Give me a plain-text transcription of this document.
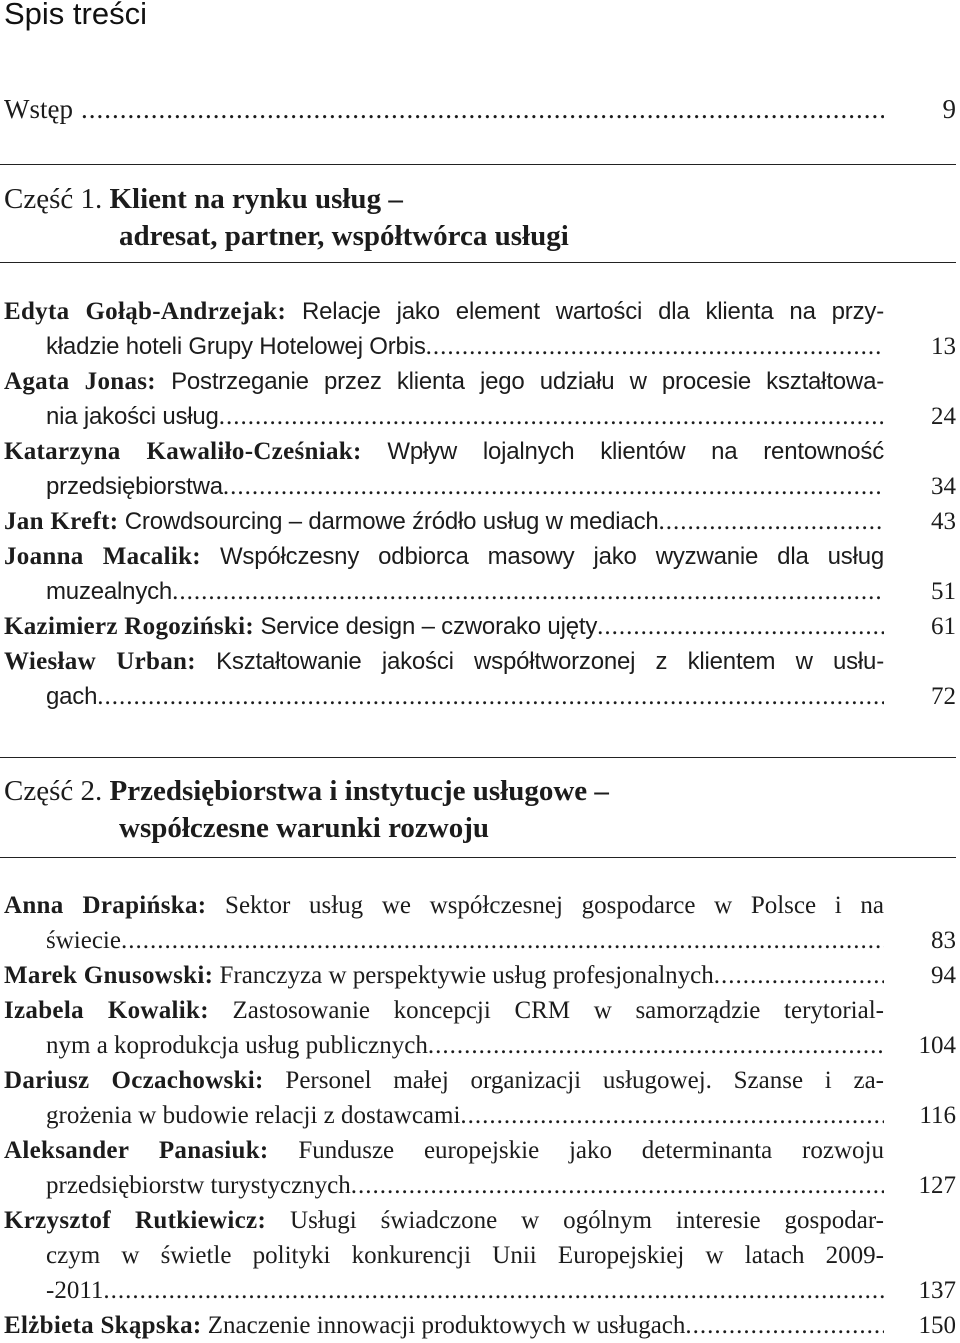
Spis treści
Wstęp .....	9
Część 1. Klient na rynku usług –
adresat, partner, współtwórca usługi
Edyta Gołąb-Andrzejak: Relacje jako element wartości dla klienta na przy-
kładzie hoteli Grupy Hotelowej Orbis .....	13
Agata Jonas: Postrzeganie przez klienta jego udziału w procesie kształtowa-
nia jakości usług .....	24
Katarzyna Kawaliło-Cześniak: Wpływ lojalnych klientów na rentowność
przedsiębiorstwa .....	34
Jan Kreft: Crowdsourcing – darmowe źródło usług w mediach .....	43
Joanna Macalik: Współczesny odbiorca masowy jako wyzwanie dla usług
muzealnych .....	51
Kazimierz Rogoziński: Service design – czworako ujęty .....	61
Wiesław Urban: Kształtowanie jakości współtworzonej z klientem w usłu-
gach .....	72
Część 2. Przedsiębiorstwa i instytucje usługowe –
współczesne warunki rozwoju
Anna Drapińska: Sektor usług we współczesnej gospodarce w Polsce i na
świecie .....	83
Marek Gnusowski: Franczyza w perspektywie usług profesjonalnych .....	94
Izabela Kowalik: Zastosowanie koncepcji CRM w samorządzie terytorial-
nym a koprodukcja usług publicznych .....	104
Dariusz Oczachowski: Personel małej organizacji usługowej. Szanse i za-
grożenia w budowie relacji z dostawcami .....	116
Aleksander Panasiuk: Fundusze europejskie jako determinanta rozwoju
przedsiębiorstw turystycznych .....	127
Krzysztof Rutkiewicz: Usługi świadczone w ogólnym interesie gospodar-
czym w świetle polityki konkurencji Unii Europejskiej w latach 2009-
-2011 .....	137
Elżbieta Skąpska: Znaczenie innowacji produktowych w usługach .....	150
